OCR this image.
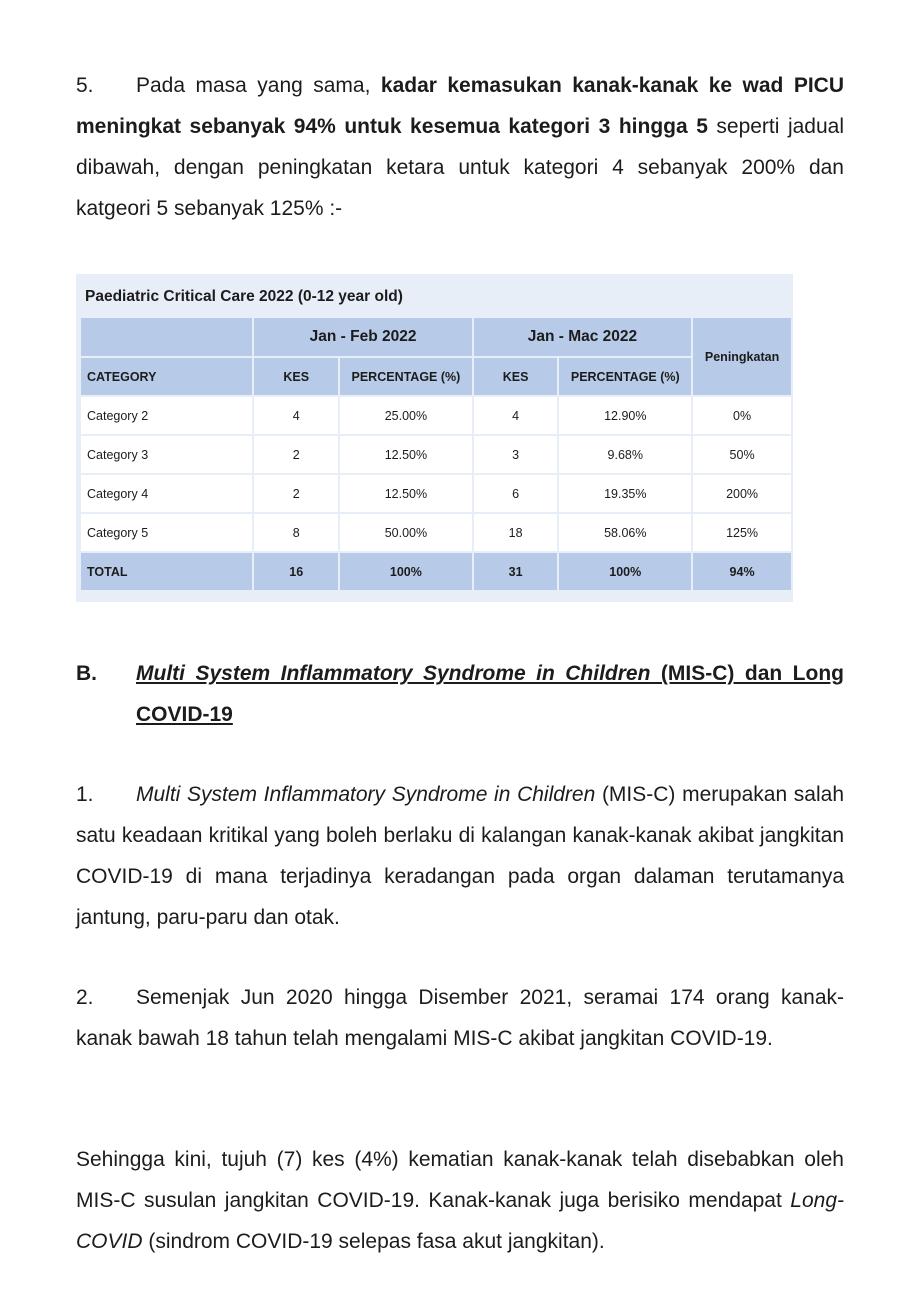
5. Pada masa yang sama, kadar kemasukan kanak-kanak ke wad PICU meningkat sebanyak 94% untuk kesemua kategori 3 hingga 5 seperti jadual dibawah, dengan peningkatan ketara untuk kategori 4 sebanyak 200% dan katgeori 5 sebanyak 125% :-

Paediatric Critical Care 2022 (0-12 year old)
	Jan - Feb 2022		Jan - Mac 2022		Peningkatan
CATEGORY	KES	PERCENTAGE (%)	KES	PERCENTAGE (%)	
Category 2	4	25.00%	4	12.90%	0%
Category 3	2	12.50%	3	9.68%	50%
Category 4	2	12.50%	6	19.35%	200%
Category 5	8	50.00%	18	58.06%	125%
TOTAL	16	100%	31	100%	94%
B. Multi System Inflammatory Syndrome in Children (MIS-C) dan Long COVID-19

1. Multi System Inflammatory Syndrome in Children (MIS-C) merupakan salah satu keadaan kritikal yang boleh berlaku di kalangan kanak-kanak akibat jangkitan COVID-19 di mana terjadinya keradangan pada organ dalaman terutamanya jantung, paru-paru dan otak.

2. Semenjak Jun 2020 hingga Disember 2021, seramai 174 orang kanak-kanak bawah 18 tahun telah mengalami MIS-C akibat jangkitan COVID-19.

Sehingga kini, tujuh (7) kes (4%) kematian kanak-kanak telah disebabkan oleh MIS-C susulan jangkitan COVID-19. Kanak-kanak juga berisiko mendapat Long-COVID (sindrom COVID-19 selepas fasa akut jangkitan).
